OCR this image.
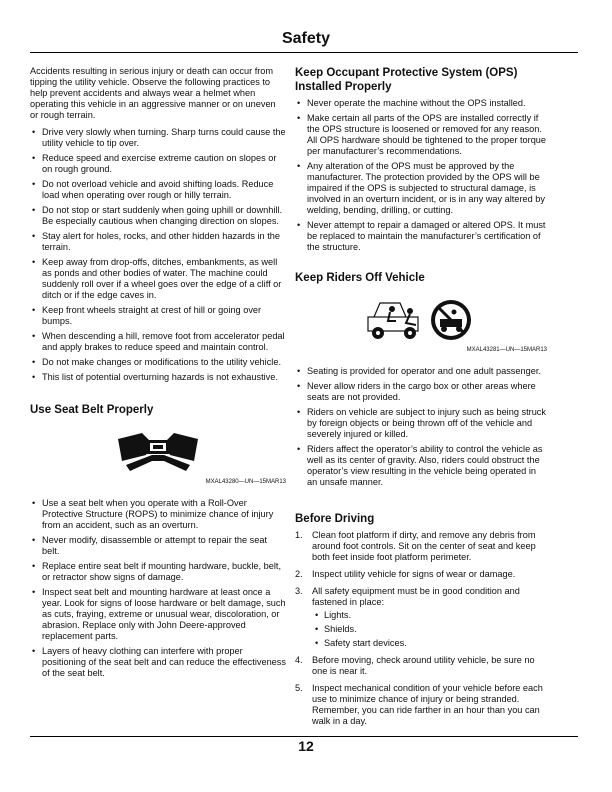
Safety

Accidents resulting in serious injury or death can occur from tipping the utility vehicle. Observe the following practices to help prevent accidents and always wear a helmet when operating this vehicle in an aggressive manner or on uneven or rough terrain.

• Drive very slowly when turning. Sharp turns could cause the utility vehicle to tip over.
• Reduce speed and exercise extreme caution on slopes or on rough ground.
• Do not overload vehicle and avoid shifting loads. Reduce load when operating over rough or hilly terrain.
• Do not stop or start suddenly when going uphill or downhill. Be especially cautious when changing direction on slopes.
• Stay alert for holes, rocks, and other hidden hazards in the terrain.
• Keep away from drop-offs, ditches, embankments, as well as ponds and other bodies of water. The machine could suddenly roll over if a wheel goes over the edge of a cliff or ditch or if the edge caves in.
• Keep front wheels straight at crest of hill or going over bumps.
• When descending a hill, remove foot from accelerator pedal and apply brakes to reduce speed and maintain control.
• Do not make changes or modifications to the utility vehicle.
• This list of potential overturning hazards is not exhaustive.
Use Seat Belt Properly
MXAL43280—UN—15MAR13
• Use a seat belt when you operate with a Roll-Over Protective Structure (ROPS) to minimize chance of injury from an accident, such as an overturn.
• Never modify, disassemble or attempt to repair the seat belt.
• Replace entire seat belt if mounting hardware, buckle, belt, or retractor show signs of damage.
• Inspect seat belt and mounting hardware at least once a year. Look for signs of loose hardware or belt damage, such as cuts, fraying, extreme or unusual wear, discoloration, or abrasion. Replace only with John Deere-approved replacement parts.
• Layers of heavy clothing can interfere with proper positioning of the seat belt and can reduce the effectiveness of the seat belt.
Keep Occupant Protective System (OPS) Installed Properly
• Never operate the machine without the OPS installed.
• Make certain all parts of the OPS are installed correctly if the OPS structure is loosened or removed for any reason. All OPS hardware should be tightened to the proper torque per manufacturer’s recommendations.
• Any alteration of the OPS must be approved by the manufacturer. The protection provided by the OPS will be impaired if the OPS is subjected to structural damage, is involved in an overturn incident, or is in any way altered by welding, bending, drilling, or cutting.
• Never attempt to repair a damaged or altered OPS. It must be replaced to maintain the manufacturer’s certification of the structure.
Keep Riders Off Vehicle
MXAL43281—UN—15MAR13
• Seating is provided for operator and one adult passenger.
• Never allow riders in the cargo box or other areas where seats are not provided.
• Riders on vehicle are subject to injury such as being struck by foreign objects or being thrown off of the vehicle and severely injured or killed.
• Riders affect the operator’s ability to control the vehicle as well as its center of gravity. Also, riders could obstruct the operator’s view resulting in the vehicle being operated in an unsafe manner.
Before Driving
1. Clean foot platform if dirty, and remove any debris from around foot controls. Sit on the center of seat and keep both feet inside foot platform perimeter.
2. Inspect utility vehicle for signs of wear or damage.
3. All safety equipment must be in good condition and fastened in place:
• Lights.
• Shields.
• Safety start devices.
4. Before moving, check around utility vehicle, be sure no one is near it.
5. Inspect mechanical condition of your vehicle before each use to minimize chance of injury or being stranded. Remember, you can ride farther in an hour than you can walk in a day.
12
